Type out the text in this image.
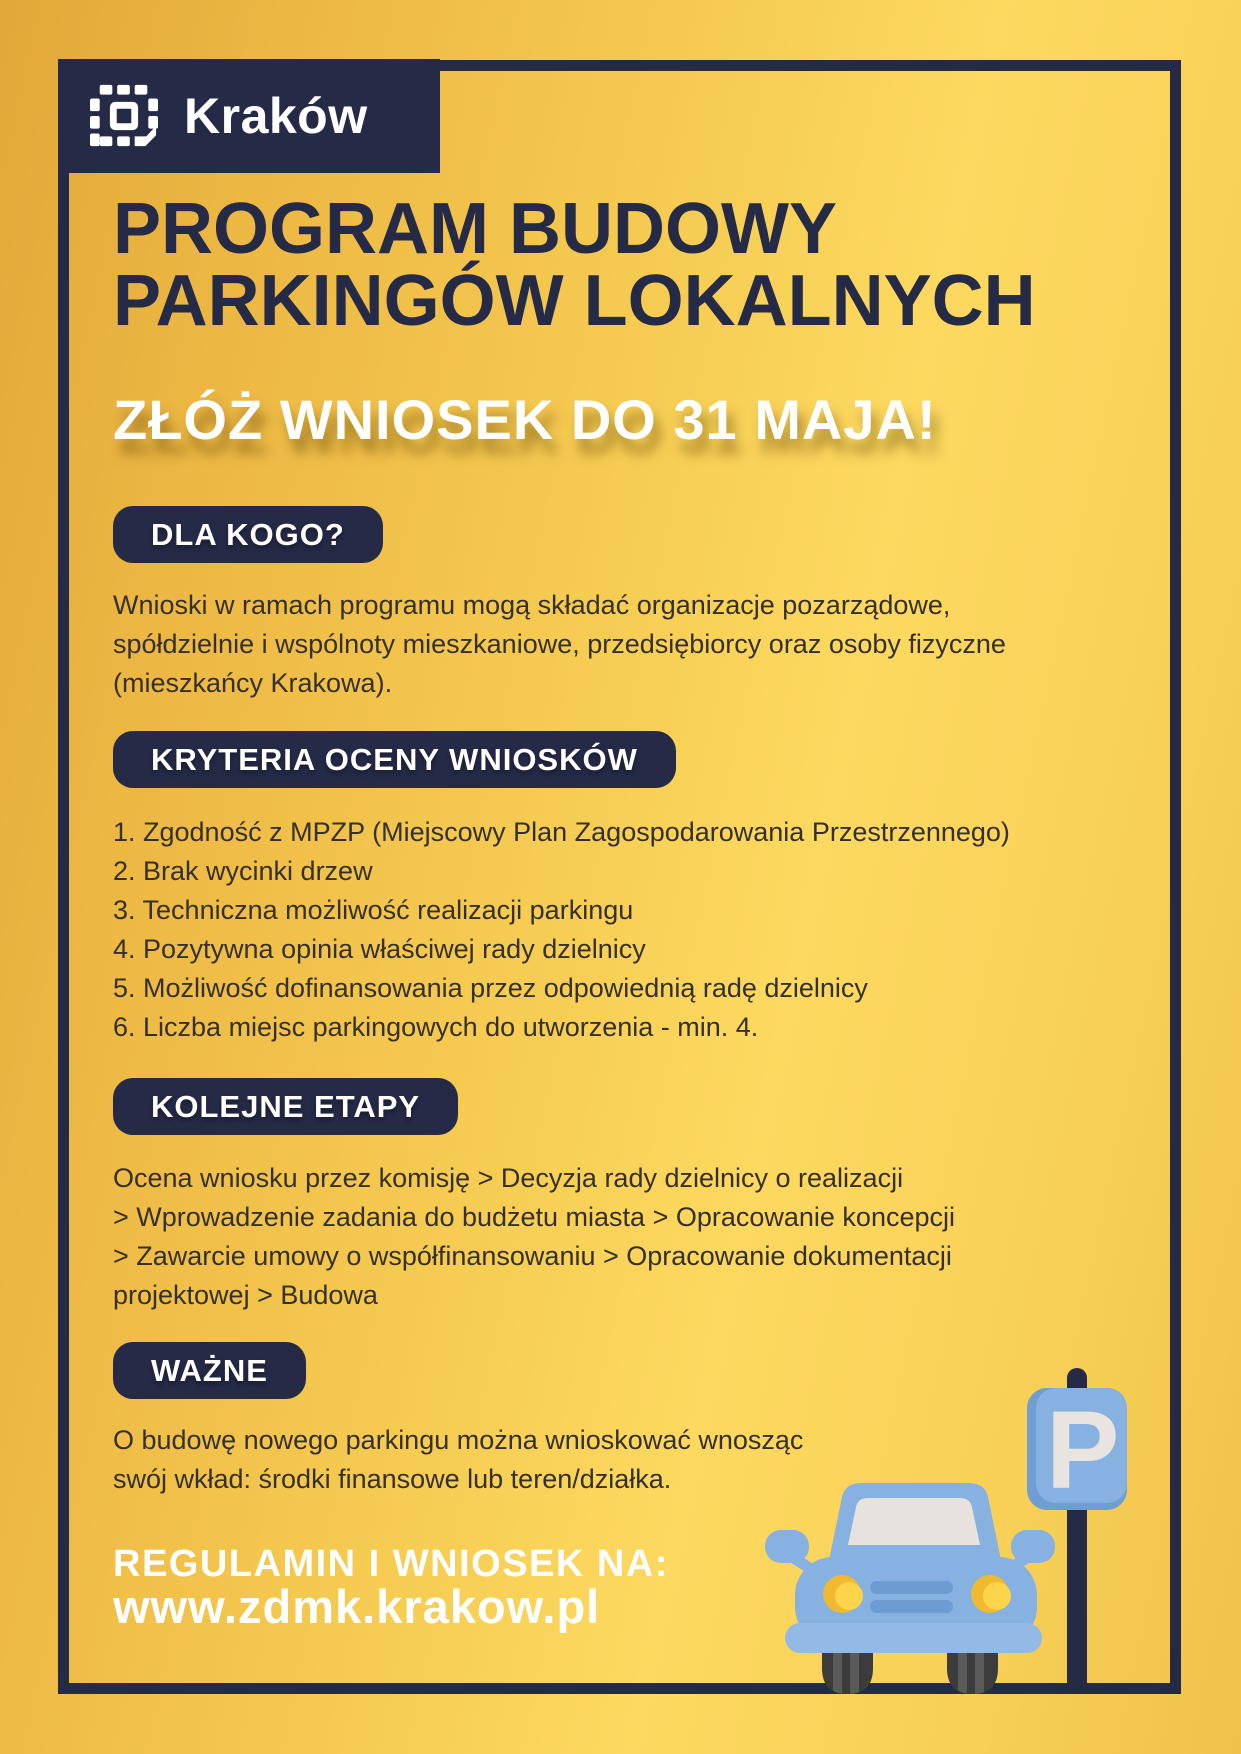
Kraków
PROGRAM BUDOWY
PARKINGÓW LOKALNYCH
ZŁÓŻ WNIOSEK DO 31 MAJA!
DLA KOGO?
Wnioski w ramach programu mogą składać organizacje pozarządowe,
spółdzielnie i wspólnoty mieszkaniowe, przedsiębiorcy oraz osoby fizyczne
(mieszkańcy Krakowa).
KRYTERIA OCENY WNIOSKÓW
1. Zgodność z MPZP (Miejscowy Plan Zagospodarowania Przestrzennego)
2. Brak wycinki drzew
3. Techniczna możliwość realizacji parkingu
4. Pozytywna opinia właściwej rady dzielnicy
5. Możliwość dofinansowania przez odpowiednią radę dzielnicy
6. Liczba miejsc parkingowych do utworzenia - min. 4.
KOLEJNE ETAPY
Ocena wniosku przez komisję > Decyzja rady dzielnicy o realizacji
> Wprowadzenie zadania do budżetu miasta > Opracowanie koncepcji
> Zawarcie umowy o współfinansowaniu > Opracowanie dokumentacji
projektowej > Budowa
WAŻNE
O budowę nowego parkingu można wnioskować wnosząc
swój wkład: środki finansowe lub teren/działka.
REGULAMIN I WNIOSEK NA:
www.zdmk.krakow.pl
P
